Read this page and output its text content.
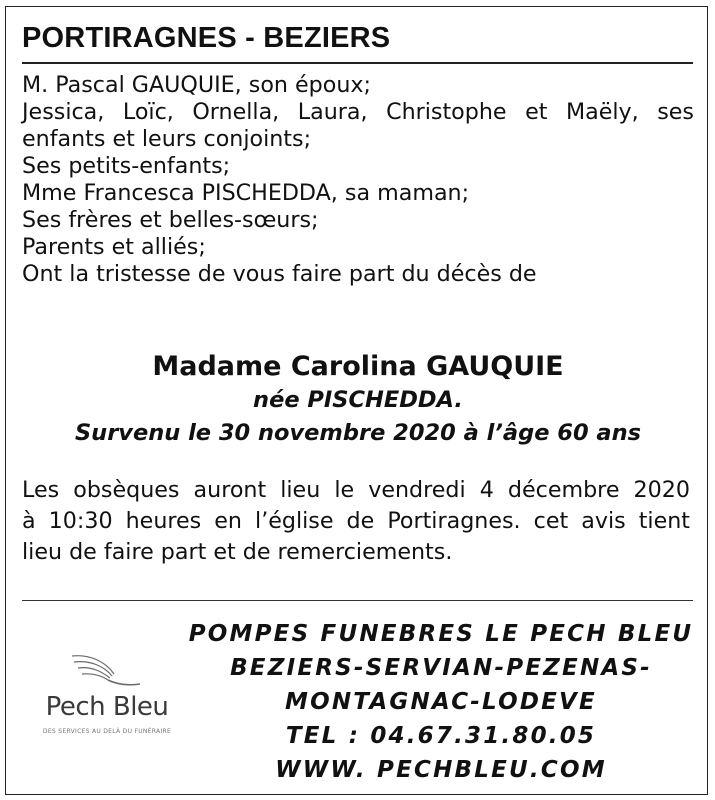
PORTIRAGNES - BEZIERS
M. Pascal GAUQUIE, son époux;
Jessica, Loïc, Ornella, Laura, Christophe et Maëly, ses
enfants et leurs conjoints;
Ses petits-enfants;
Mme Francesca PISCHEDDA, sa maman;
Ses frères et belles-sœurs;
Parents et alliés;
Ont la tristesse de vous faire part du décès de
Madame Carolina GAUQUIE
née PISCHEDDA.
Survenu le 30 novembre 2020 à l’âge 60 ans
Les obsèques auront lieu le vendredi 4 décembre 2020
à 10:30 heures en l’église de Portiragnes. cet avis tient
lieu de faire part et de remerciements.
Pech Bleu
DES SERVICES AU DELÀ DU FUNÉRAIRE
POMPES FUNEBRES LE PECH BLEU
BEZIERS-SERVIAN-PEZENAS-
MONTAGNAC-LODEVE
TEL : 04.67.31.80.05
WWW. PECHBLEU.COM
